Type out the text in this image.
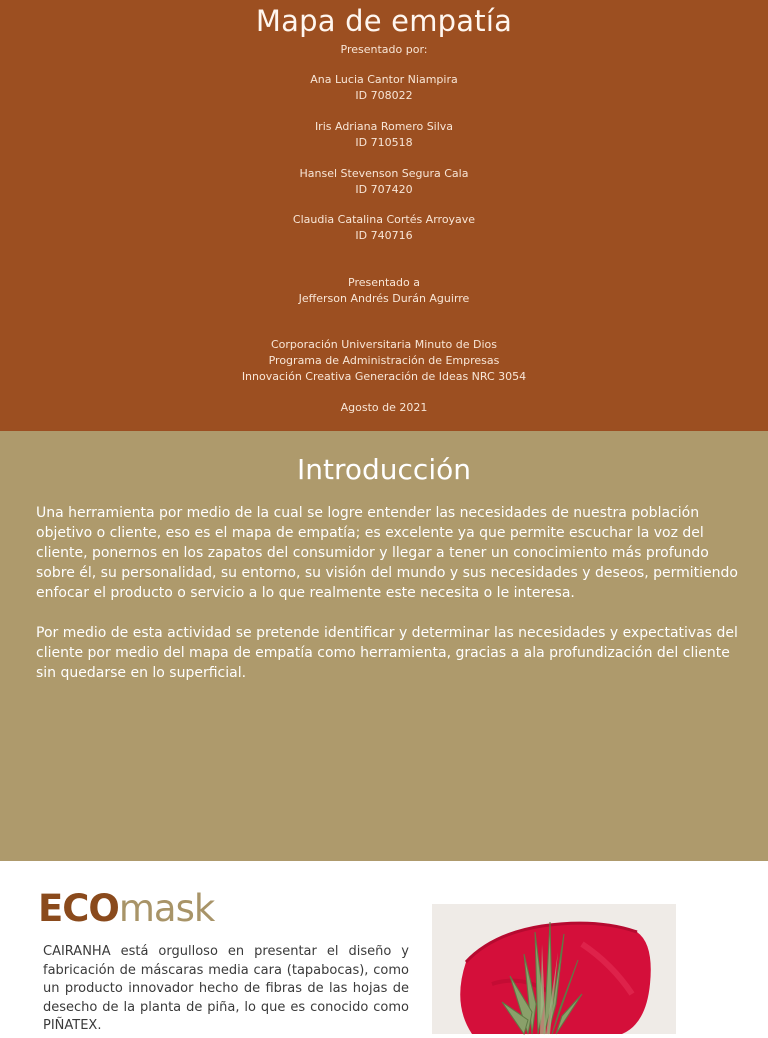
Mapa de empatía
Presentado por:
Ana Lucia Cantor Niampira
ID 708022
Iris Adriana Romero Silva
ID 710518
Hansel Stevenson Segura Cala
ID 707420
Claudia Catalina Cortés Arroyave
ID 740716
Presentado a
Jefferson Andrés Durán Aguirre
Corporación Universitaria Minuto de Dios
Programa de Administración de Empresas
Innovación Creativa Generación de Ideas NRC 3054
Agosto de 2021
Introducción

Una herramienta por medio de la cual se logre entender las necesidades de nuestra población objetivo o cliente, eso es el mapa de empatía; es excelente ya que permite escuchar la voz del cliente, ponernos en los zapatos del consumidor y llegar a tener un conocimiento más profundo sobre él, su personalidad, su entorno, su visión del mundo y sus necesidades y deseos, permitiendo enfocar el producto o servicio a lo que realmente este necesita o le interesa.

Por medio de esta actividad se pretende identificar y determinar las necesidades y expectativas del cliente por medio del mapa de empatía como herramienta, gracias a ala profundización del cliente sin quedarse en lo superficial.

ECOmask

CAIRANHA está orgulloso en presentar el diseño y fabricación de máscaras media cara (tapabocas), como un producto innovador hecho de fibras de las hojas de desecho de la planta de piña, lo que es conocido como PIÑATEX.
